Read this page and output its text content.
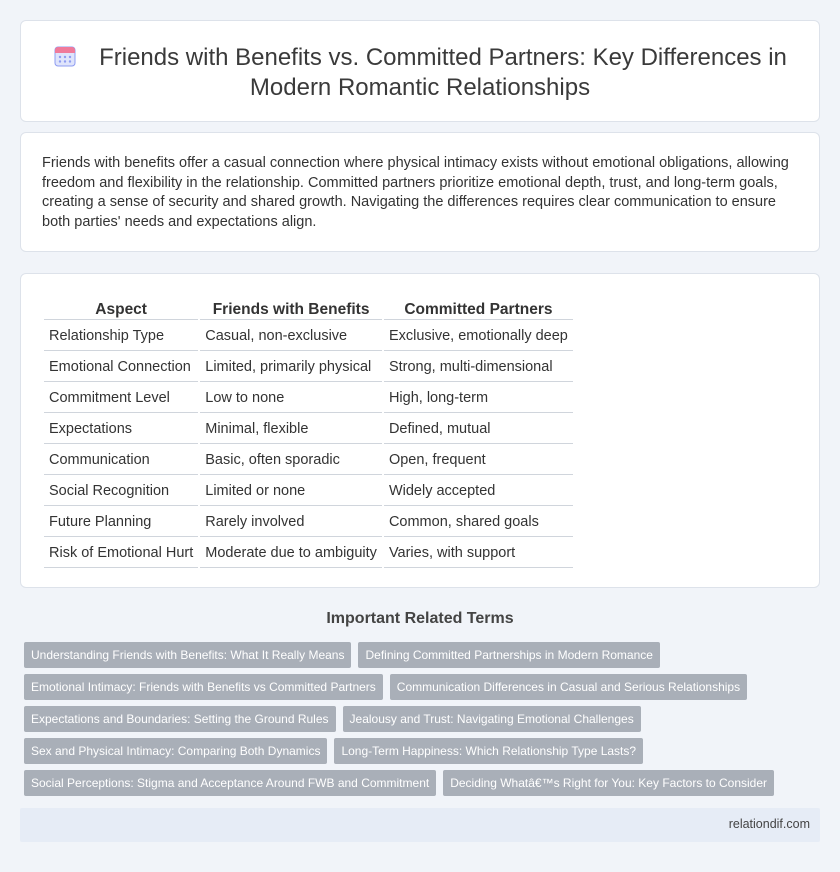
Friends with Benefits vs. Committed Partners: Key Differences in Modern Romantic Relationships

Friends with benefits offer a casual connection where physical intimacy exists without emotional obligations, allowing freedom and flexibility in the relationship. Committed partners prioritize emotional depth, trust, and long-term goals, creating a sense of security and shared growth. Navigating the differences requires clear communication to ensure both parties' needs and expectations align.

Aspect	Friends with Benefits	Committed Partners
Relationship Type	Casual, non-exclusive	Exclusive, emotionally deep
Emotional Connection	Limited, primarily physical	Strong, multi-dimensional
Commitment Level	Low to none	High, long-term
Expectations	Minimal, flexible	Defined, mutual
Communication	Basic, often sporadic	Open, frequent
Social Recognition	Limited or none	Widely accepted
Future Planning	Rarely involved	Common, shared goals
Risk of Emotional Hurt	Moderate due to ambiguity	Varies, with support
Important Related Terms
Understanding Friends with Benefits: What It Really Means	Defining Committed Partnerships in Modern Romance
Emotional Intimacy: Friends with Benefits vs Committed Partners	Communication Differences in Casual and Serious Relationships
Expectations and Boundaries: Setting the Ground Rules	Jealousy and Trust: Navigating Emotional Challenges
Sex and Physical Intimacy: Comparing Both Dynamics	Long-Term Happiness: Which Relationship Type Lasts?
Social Perceptions: Stigma and Acceptance Around FWB and Commitment	Deciding Whatâ€™s Right for You: Key Factors to Consider
relationdif.com
